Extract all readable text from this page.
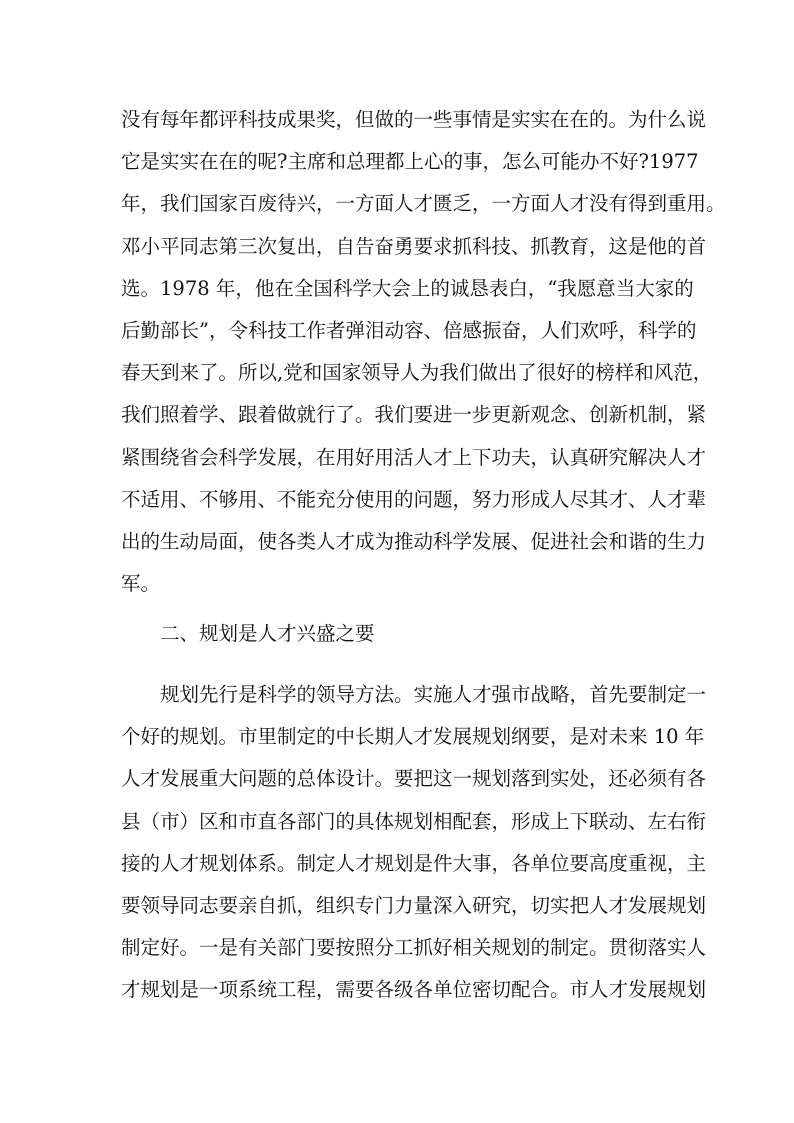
没有每年都评科技成果奖，但做的一些事情是实实在在的。为什么说
它是实实在在的呢?主席和总理都上心的事，怎么可能办不好?1977
年，我们国家百废待兴，一方面人才匮乏，一方面人才没有得到重用。
邓小平同志第三次复出，自告奋勇要求抓科技、抓教育，这是他的首
选。1978 年，他在全国科学大会上的诚恳表白，“我愿意当大家的
后勤部长”，令科技工作者弹泪动容、倍感振奋，人们欢呼，科学的
春天到来了。所以,党和国家领导人为我们做出了很好的榜样和风范，
我们照着学、跟着做就行了。我们要进一步更新观念、创新机制，紧
紧围绕省会科学发展，在用好用活人才上下功夫，认真研究解决人才
不适用、不够用、不能充分使用的问题，努力形成人尽其才、人才辈
出的生动局面，使各类人才成为推动科学发展、促进社会和谐的生力
军。
二、规划是人才兴盛之要
规划先行是科学的领导方法。实施人才强市战略，首先要制定一
个好的规划。市里制定的中长期人才发展规划纲要，是对未来 10 年
人才发展重大问题的总体设计。要把这一规划落到实处，还必须有各
县（市）区和市直各部门的具体规划相配套，形成上下联动、左右衔
接的人才规划体系。制定人才规划是件大事，各单位要高度重视，主
要领导同志要亲自抓，组织专门力量深入研究，切实把人才发展规划
制定好。一是有关部门要按照分工抓好相关规划的制定。贯彻落实人
才规划是一项系统工程，需要各级各单位密切配合。市人才发展规划
